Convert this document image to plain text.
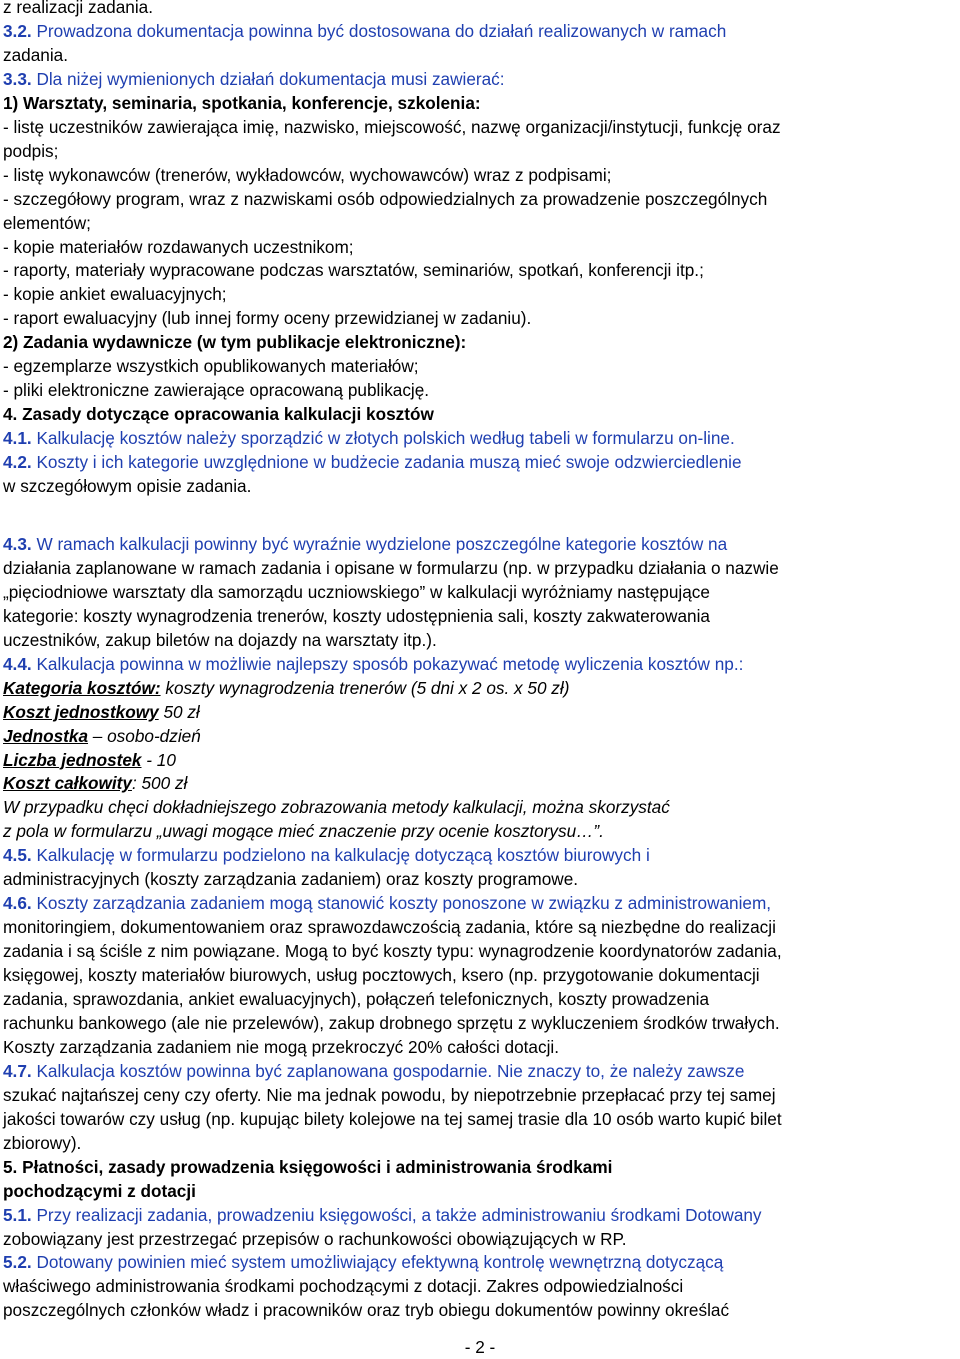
z realizacji zadania.
3.2. Prowadzona dokumentacja powinna być dostosowana do działań realizowanych w ramach
zadania.
3.3. Dla niżej wymienionych działań dokumentacja musi zawierać:
1) Warsztaty, seminaria, spotkania, konferencje, szkolenia:
- listę uczestników zawierająca imię, nazwisko, miejscowość, nazwę organizacji/instytucji, funkcję oraz
podpis;
- listę wykonawców (trenerów, wykładowców, wychowawców) wraz z podpisami;
- szczegółowy program, wraz z nazwiskami osób odpowiedzialnych za prowadzenie poszczególnych
elementów;
- kopie materiałów rozdawanych uczestnikom;
- raporty, materiały wypracowane podczas warsztatów, seminariów, spotkań, konferencji itp.;
- kopie ankiet ewaluacyjnych;
- raport ewaluacyjny (lub innej formy oceny przewidzianej w zadaniu).
2) Zadania wydawnicze (w tym publikacje elektroniczne):
- egzemplarze wszystkich opublikowanych materiałów;
- pliki elektroniczne zawierające opracowaną publikację.
4. Zasady dotyczące opracowania kalkulacji kosztów
4.1. Kalkulację kosztów należy sporządzić w złotych polskich według tabeli w formularzu on-line.
4.2. Koszty i ich kategorie uwzględnione w budżecie zadania muszą mieć swoje odzwierciedlenie
w szczegółowym opisie zadania.
4.3. W ramach kalkulacji powinny być wyraźnie wydzielone poszczególne kategorie kosztów na
działania zaplanowane w ramach zadania i opisane w formularzu (np. w przypadku działania o nazwie
„pięciodniowe warsztaty dla samorządu uczniowskiego” w kalkulacji wyróżniamy następujące
kategorie: koszty wynagrodzenia trenerów, koszty udostępnienia sali, koszty zakwaterowania
uczestników, zakup biletów na dojazdy na warsztaty itp.).
4.4. Kalkulacja powinna w możliwie najlepszy sposób pokazywać metodę wyliczenia kosztów np.:
Kategoria kosztów: koszty wynagrodzenia trenerów (5 dni x 2 os. x 50 zł)
Koszt jednostkowy 50 zł
Jednostka – osobo-dzień
Liczba jednostek - 10
Koszt całkowity: 500 zł
W przypadku chęci dokładniejszego zobrazowania metody kalkulacji, można skorzystać
z pola w formularzu „uwagi mogące mieć znaczenie przy ocenie kosztorysu…”.
4.5. Kalkulację w formularzu podzielono na kalkulację dotyczącą kosztów biurowych i
administracyjnych (koszty zarządzania zadaniem) oraz koszty programowe.
4.6. Koszty zarządzania zadaniem mogą stanowić koszty ponoszone w związku z administrowaniem,
monitoringiem, dokumentowaniem oraz sprawozdawczością zadania, które są niezbędne do realizacji
zadania i są ściśle z nim powiązane. Mogą to być koszty typu: wynagrodzenie koordynatorów zadania,
księgowej, koszty materiałów biurowych, usług pocztowych, ksero (np. przygotowanie dokumentacji
zadania, sprawozdania, ankiet ewaluacyjnych), połączeń telefonicznych, koszty prowadzenia
rachunku bankowego (ale nie przelewów), zakup drobnego sprzętu z wykluczeniem środków trwałych.
Koszty zarządzania zadaniem nie mogą przekroczyć 20% całości dotacji.
4.7. Kalkulacja kosztów powinna być zaplanowana gospodarnie. Nie znaczy to, że należy zawsze
szukać najtańszej ceny czy oferty. Nie ma jednak powodu, by niepotrzebnie przepłacać przy tej samej
jakości towarów czy usług (np. kupując bilety kolejowe na tej samej trasie dla 10 osób warto kupić bilet
zbiorowy).
5. Płatności, zasady prowadzenia księgowości i administrowania środkami
pochodzącymi z dotacji
5.1. Przy realizacji zadania, prowadzeniu księgowości, a także administrowaniu środkami Dotowany
zobowiązany jest przestrzegać przepisów o rachunkowości obowiązujących w RP.
5.2. Dotowany powinien mieć system umożliwiający efektywną kontrolę wewnętrzną dotyczącą
właściwego administrowania środkami pochodzącymi z dotacji. Zakres odpowiedzialności
poszczególnych członków władz i pracowników oraz tryb obiegu dokumentów powinny określać
- 2 -
